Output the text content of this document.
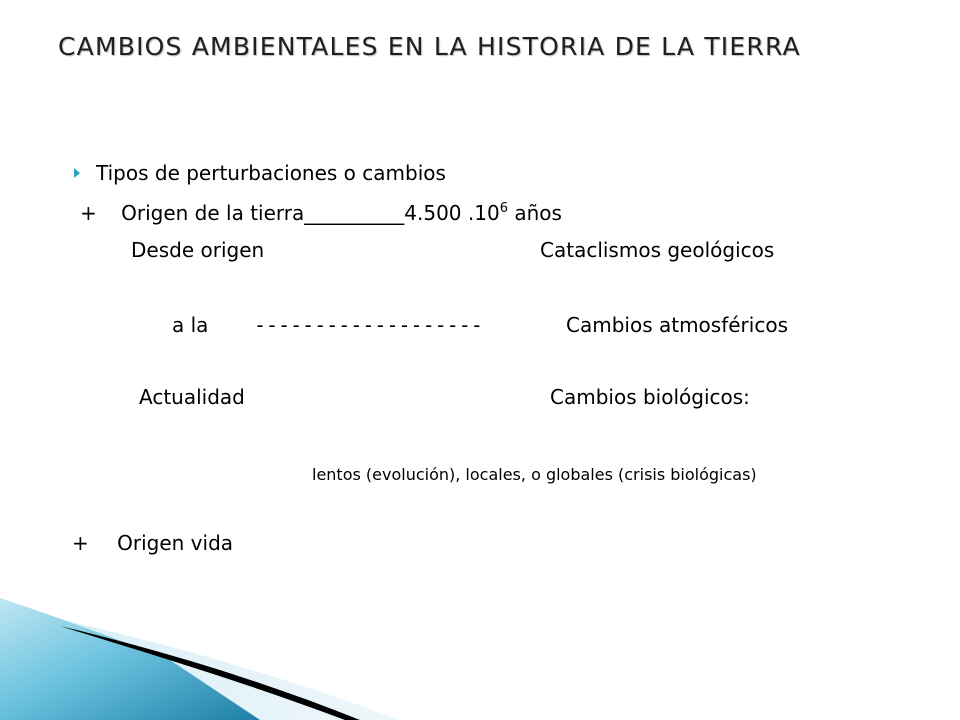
CAMBIOS AMBIENTALES EN LA HISTORIA DE LA TIERRA
Tipos de perturbaciones o cambios
+ Origen de la tierra__________4.500 $.10^6$ años
Desde origen	Cataclismos geológicos
a la -------------------	Cambios atmosféricos
Actualidad	Cambios biológicos:
lentos (evolución), locales, o globales (crisis biológicas)
+ Origen vida
